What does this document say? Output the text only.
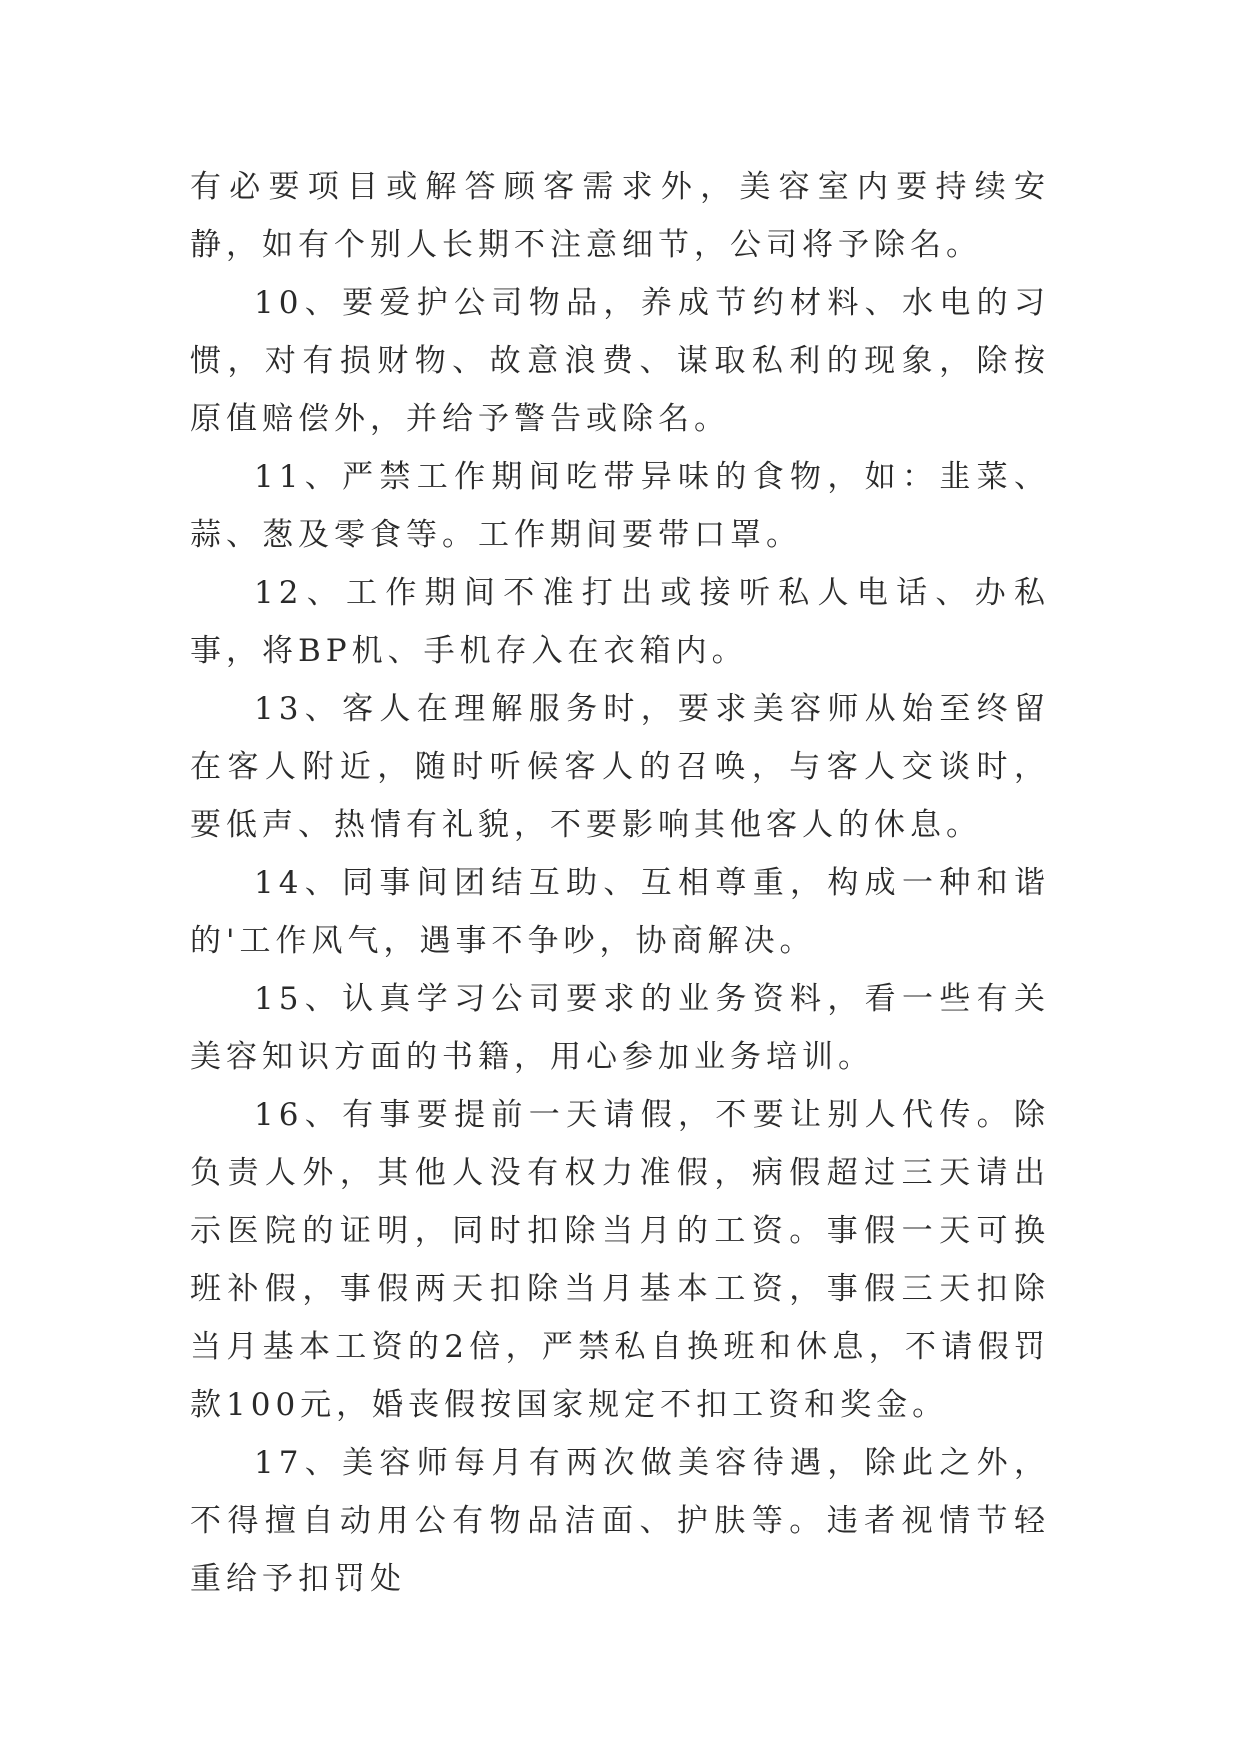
有必要项目或解答顾客需求外，美容室内要持续安静，如有个别人长期不注意细节，公司将予除名。

10、要爱护公司物品，养成节约材料、水电的习惯，对有损财物、故意浪费、谋取私利的现象，除按原值赔偿外，并给予警告或除名。

11、严禁工作期间吃带异味的食物，如：韭菜、蒜、葱及零食等。工作期间要带口罩。

12、工作期间不准打出或接听私人电话、办私事，将BP机、手机存入在衣箱内。

13、客人在理解服务时，要求美容师从始至终留在客人附近，随时听候客人的召唤，与客人交谈时，要低声、热情有礼貌，不要影响其他客人的休息。

14、同事间团结互助、互相尊重，构成一种和谐的'工作风气，遇事不争吵，协商解决。

15、认真学习公司要求的业务资料，看一些有关美容知识方面的书籍，用心参加业务培训。

16、有事要提前一天请假，不要让别人代传。除负责人外，其他人没有权力准假，病假超过三天请出示医院的证明，同时扣除当月的工资。事假一天可换班补假，事假两天扣除当月基本工资，事假三天扣除当月基本工资的2倍，严禁私自换班和休息，不请假罚款100元，婚丧假按国家规定不扣工资和奖金。

17、美容师每月有两次做美容待遇，除此之外，不得擅自动用公有物品洁面、护肤等。违者视情节轻重给予扣罚处
